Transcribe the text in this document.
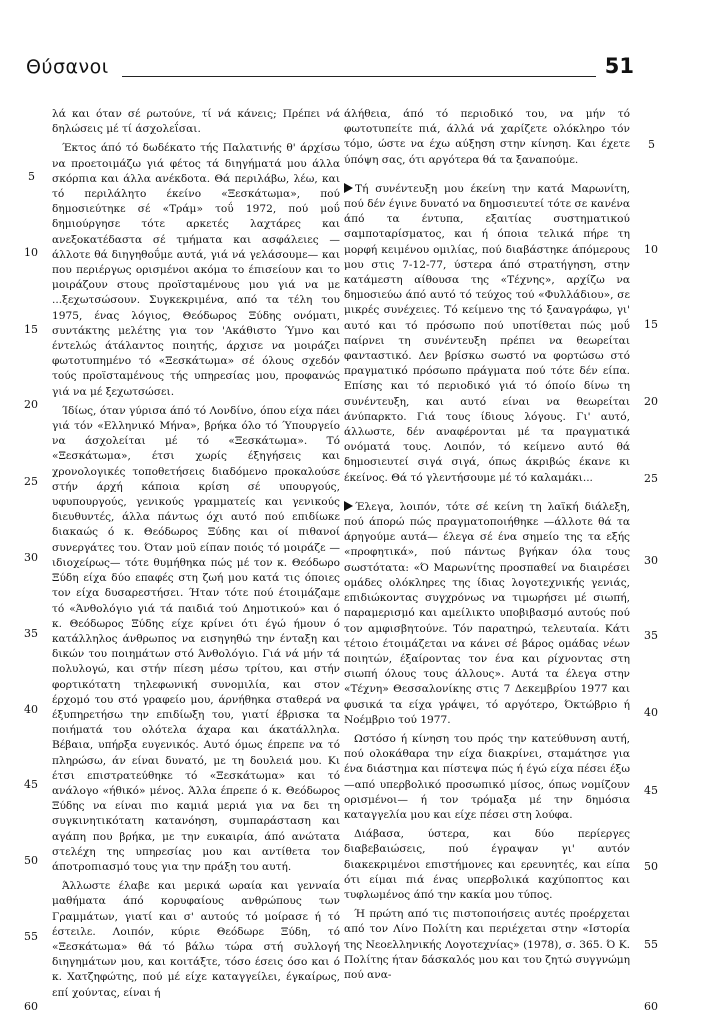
Θύσανοι	51
5
10
15
20
25
30
35
40
45
50
55
60
5
10
15
20
25
30
35
40
45
50
55
60

λά και όταν σέ ρωτούνε, τί νά κάνεις; Πρέπει νά δηλώσεις μέ τί άσχολεΐσαι.

Έκτος άπό τό δωδέκατο τής Παλατινής θ' άρχίσω να προετοιμάζω γιά φέτος τά διηγήματά μου άλλα σκόρπια και άλλα ανέκδοτα. Θά περιλάβω, λέω, και τό περιλάλητο έκείνο «Ξεσκάτωμα», πού δημοσιεύτηκε σέ «Τράμ» τοΰ 1972, πού μοΰ δημιούργησε τότε αρκετές λαχτάρες και ανεξοκατέδαστα σέ τμήματα και ασφάλειες —άλλοτε θά διηγηθοΰμε αυτά, γιά νά γελάσουμε— και που περιέργως ορισμένοι ακόμα το έπισείουν και το μοιράζουν στους προϊσταμένους μου γιά να με ...ξεχωτσώσουν. Συγκεκριμένα, από τα τέλη του 1975, ένας λόγιος, Θεόδωρος Ξύδης ονόματι, συντάκτης μελέτης για τον 'Ακάθιστο Ύμνο και έντελώς άτάλαντος ποιητής, άρχισε να μοιράζει φωτοτυπημένο τό «Ξεσκάτωμα» σέ όλους σχεδόν τούς προϊσταμένους τής υπηρεσίας μου, προφανώς γιά να μέ ξεχωτσώσει.

Ίδίως, όταν γύρισα άπό τό Λονδίνο, όπου είχα πάει γιά τόν «Ελληνικό Μήνα», βρήκα όλο τό Ύπουργείο να άσχολείται μέ τό «Ξεσκάτωμα». Τό «Ξεσκάτωμα», έτσι χωρίς έξηγήσεις και χρονολογικές τοποθετήσεις διαδόμενο προκαλούσε στήν άρχή κάποια κρίση σέ υπουργούς, υφυπουργούς, γενικούς γραμματείς και γενικούς διευθυντές, άλλα πάντως όχι αυτό πού επιδίωκε διακαώς ό κ. Θεόδωρος Ξύδης και οί πιθανοί συνεργάτες του. Όταν μοϋ είπαν ποιός τό μοιράζε —ιδιοχείρως— τότε θυμήθηκα πώς μέ τον κ. Θεόδωρο Ξύδη είχα δύο επαφές στη ζωή μου κατά τις όποιες τον είχα δυσαρεστήσει. Ήταν τότε πού έτοιμάζαμε τό «Άνθολόγιο γιά τά παιδιά τού Δημοτικού» και ό κ. Θεόδωρος Ξύδης είχε κρίνει ότι έγώ ήμουν ό κατάλληλος άνθρωπος να εισηγηθώ την ένταξη και δικών του ποιημάτων στό Άνθολόγιο. Γιά νά μήν τά πολυλογώ, και στήν πίεση μέσω τρίτου, και στήν φορτικότατη τηλεφωνική συνομιλία, και στον έρχομό του στό γραφείο μου, άρνήθηκα σταθερά να έξυπηρετήσω την επιδίωξη του, γιατί έβρισκα τα ποιήματά του ολότελα άχαρα και άκατάλληλα. Βέβαια, υπήρξα ευγενικός. Αυτό όμως έπρεπε να τό πληρώσω, άν είναι δυνατό, με τη δουλειά μου. Κι έτσι επιστρατεύθηκε τό «Ξεσκάτωμα» και τό ανάλογο «ήθικό» μένος. Άλλα έπρεπε ό κ. Θεόδωρος Ξύδης να είναι πιο καμιά μεριά για να δει τη συγκινητικότατη κατανόηση, συμπαράσταση και αγάπη που βρήκα, με την ευκαιρία, άπό ανώτατα στελέχη της υπηρεσίας μου και αντίθετα τον άποτροπιασμό τους για την πράξη του αυτή.

Άλλωστε έλαβε και μερικά ωραία και γενναία μαθήματα άπό κορυφαίους ανθρώπους των Γραμμάτων, γιατί και σ' αυτούς τό μοίρασε ή τό έστειλε. Λοιπόν, κύριε Θεόδωρε Ξύδη, τό «Ξεσκάτωμα» θά τό βάλω τώρα στή συλλογή διηγημάτων μου, και κοιτάξτε, τόσο έσεις όσο και ό κ. Χατζηφώτης, πού μέ είχε καταγγείλει, έγκαίρως, επί χούντας, είναι ή

άλήθεια, άπό τό περιοδικό του, να μήν τό φωτοτυπείτε πιά, άλλά νά χαρίζετε ολόκληρο τόν τόμο, ώστε να έχω αύξηση στην κίνηση. Και έχετε ύπόψη σας, ότι αργότερα θά τα ξαναπούμε.

Τή συνέντευξη μου έκείνη την κατά Μαρωνίτη, πού δέν έγινε δυνατό να δημοσιευτεί τότε σε κανένα άπό τα έντυπα, εξαιτίας συστηματικού σαμποταρίσματος, και ή όποια τελικά πήρε τη μορφή κειμένου ομιλίας, πού διαβάστηκε άπόμερους μου στις 7-12-77, ύστερα άπό στρατήγηση, στην κατάμεστη αίθουσα της «Τέχνης», αρχίζω να δημοσιεύω άπό αυτό τό τεύχος τού «Φυλλάδιου», σε μικρές συνέχειες. Τό κείμενο της τό ξαναγράφω, γι' αυτό και τό πρόσωπο πού υποτίθεται πώς μοΰ παίρνει τη συνέντευξη πρέπει να θεωρείται φανταστικό. Δεν βρίσκω σωστό να φορτώσω στό πραγματικό πρόσωπο πράγματα πού τότε δέν είπα. Επίσης και τό περιοδικό γιά τό όποίο δίνω τη συνέντευξη, και αυτό είναι να θεωρείται άνύπαρκτο. Γιά τους ίδιους λόγους. Γι' αυτό, άλλωστε, δέν αναφέρονται μέ τα πραγματικά ονόματά τους. Λοιπόν, τό κείμενο αυτό θά δημοσιευτεί σιγά σιγά, όπως άκριβώς έκανε κι έκείνος. Θά τό γλεντήσουμε μέ τό καλαμάκι...

Έλεγα, λοιπόν, τότε σέ κείνη τη λαϊκή διάλεξη, πού άπορώ πώς πραγματοποιήθηκε —άλλοτε θά τα άρηγούμε αυτά— έλεγα σέ ένα σημείο της τα εξής «προφητικά», πού πάντως βγήκαν όλα τους σωστότατα: «Ό Μαρωνίτης προσπαθεί να διαιρέσει ομάδες ολόκληρες της ίδιας λογοτεχνικής γενιάς, επιδιώκοντας συγχρόνως να τιμωρήσει μέ σιωπή, παραμερισμό και αμείλικτο υποβιβασμό αυτούς πού τον αμφισβητούνε. Τόν παρατηρώ, τελευταία. Κάτι τέτοιο έτοιμάζεται να κάνει σέ βάρος ομάδας νέων ποιητών, έξαίροντας τον ένα και ρίχνοντας στη σιωπή όλους τους άλλους». Αυτά τα έλεγα στην «Τέχνη» Θεσσαλονίκης στις 7 Δεκεμβρίου 1977 και φυσικά τα είχα γράψει, τό αργότερο, Όκτώβριο ή Νοέμβριο τού 1977.

Ωστόσο ή κίνηση του πρός την κατεύθυνση αυτή, πού ολοκάθαρα την είχα διακρίνει, σταμάτησε για ένα διάστημα και πίστεψα πώς ή έγώ είχα πέσει έξω —από υπερβολικό προσωπικό μίσος, όπως νομίζουν ορισμένοι— ή τον τρόμαξα μέ την δημόσια καταγγελία μου και είχε πέσει στη λούφα.

Διάβασα, ύστερα, και δύο περίεργες διαβεβαιώσεις, πού έγραψαν γι' αυτόν διακεκριμένοι επιστήμονες και ερευνητές, και είπα ότι είμαι πιά ένας υπερβολικά καχύποπτος και τυφλωμένος άπό την κακία μου τύπος.

Ή πρώτη από τις πιστοποιήσεις αυτές προέρχεται από τον Λίνο Πολίτη και περιέχεται στην «Ιστορία της Νεοελληνικής Λογοτεχνίας» (1978), σ. 365. Ό Κ. Πολίτης ήταν δάσκαλός μου και του ζητώ συγγνώμη πού ανα-
